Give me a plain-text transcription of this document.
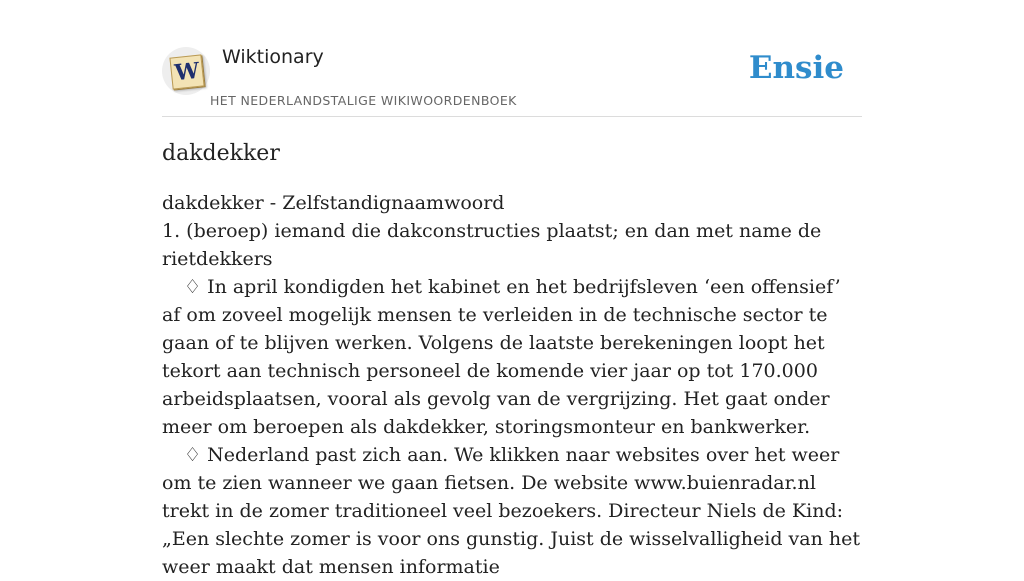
W
Wiktionary
HET NEDERLANDSTALIGE WIKIWOORDENBOEK
Ensie
dakdekker

dakdekker - Zelfstandignaamwoord

1. (beroep) iemand die dakconstructies plaatst; en dan met name de rietdekkers

♢ In april kondigden het kabinet en het bedrijfsleven ‘een offensief’ af om zoveel mogelijk mensen te verleiden in de technische sector te gaan of te blijven werken. Volgens de laatste berekeningen loopt het tekort aan technisch personeel de komende vier jaar op tot 170.000 arbeidsplaatsen, vooral als gevolg van de vergrijzing. Het gaat onder meer om beroepen als dakdekker, storingsmonteur en bankwerker.

♢ Nederland past zich aan. We klikken naar websites over het weer om te zien wanneer we gaan fietsen. De website www.buienradar.nl trekt in de zomer traditioneel veel bezoekers. Directeur Niels de Kind: „Een slechte zomer is voor ons gunstig. Juist de wisselvalligheid van het weer maakt dat mensen informatie
